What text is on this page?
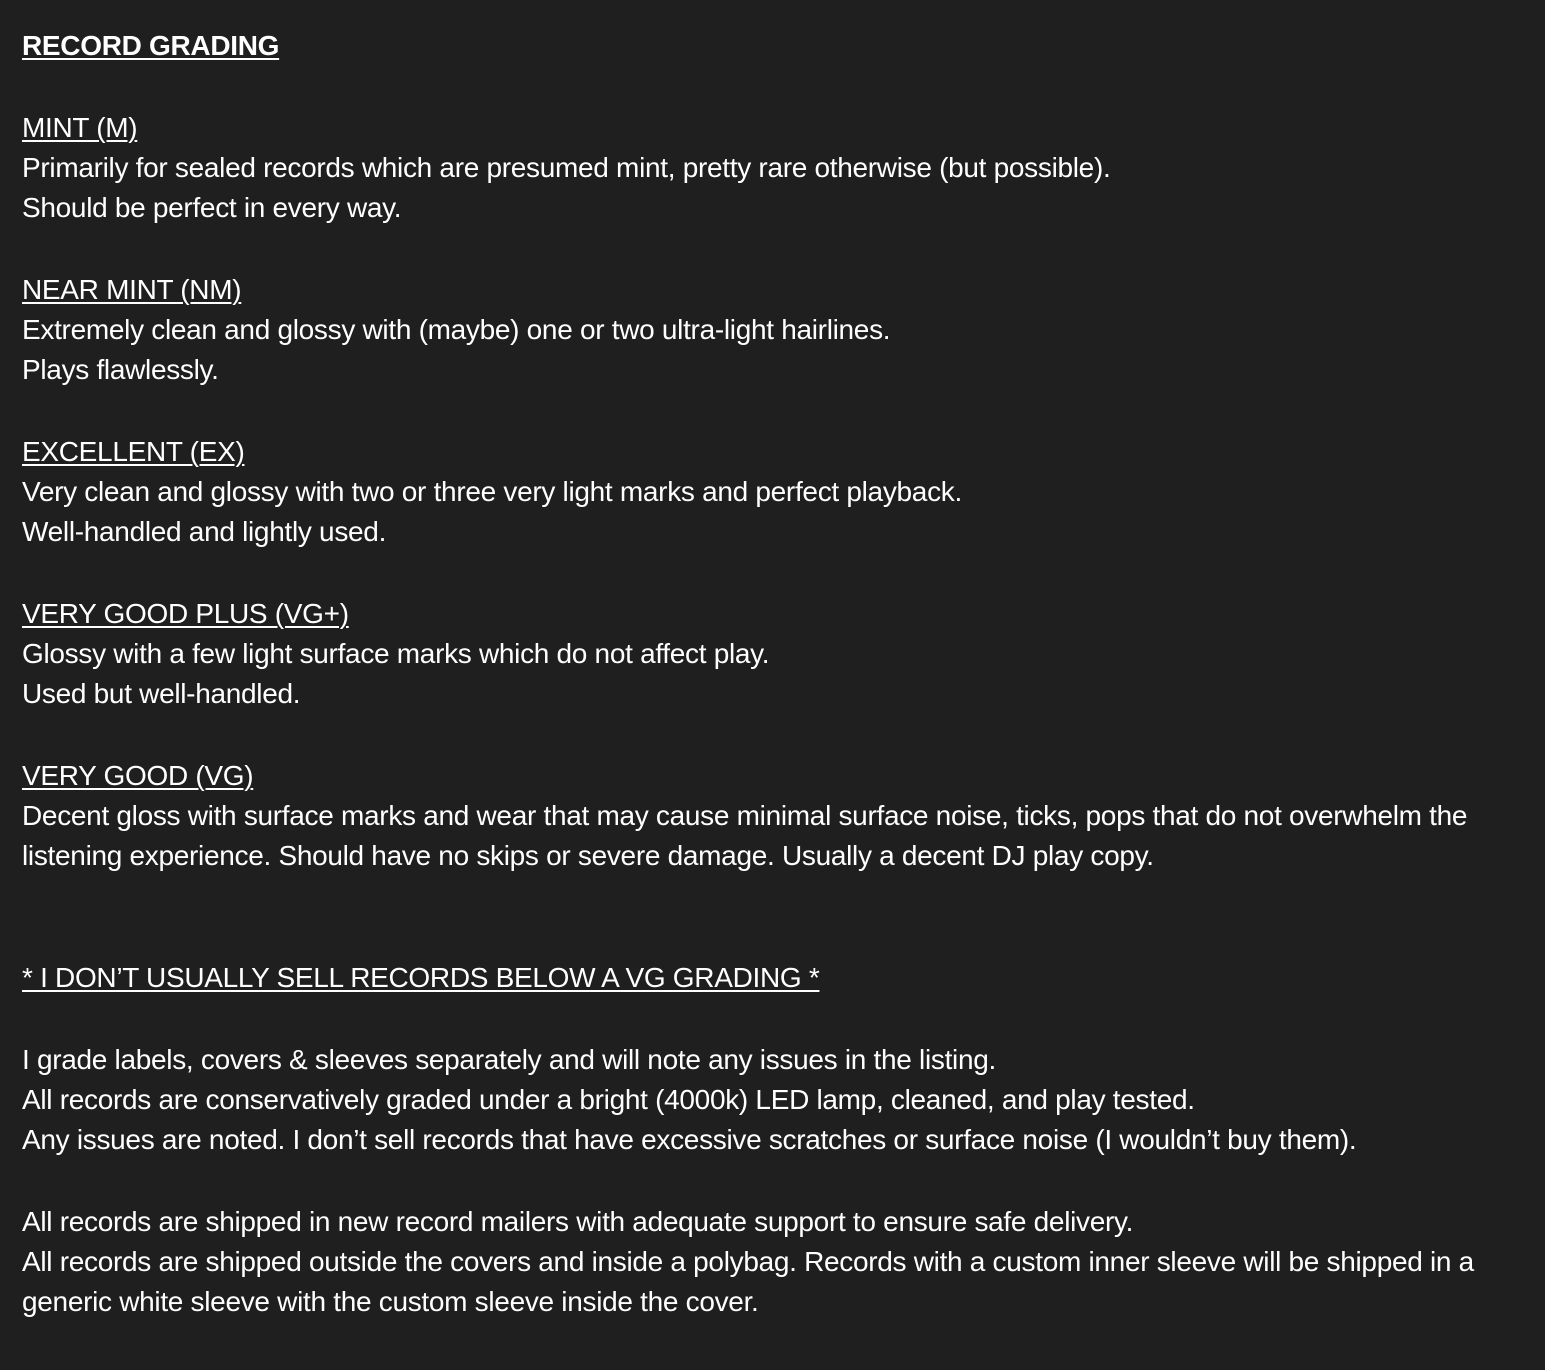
RECORD GRADING
MINT (M)
Primarily for sealed records which are presumed mint, pretty rare otherwise (but possible).
Should be perfect in every way.
NEAR MINT (NM)
Extremely clean and glossy with (maybe) one or two ultra-light hairlines.
Plays flawlessly.
EXCELLENT (EX)
Very clean and glossy with two or three very light marks and perfect playback.
Well-handled and lightly used.
VERY GOOD PLUS (VG+)
Glossy with a few light surface marks which do not affect play.
Used but well-handled.
VERY GOOD (VG)
Decent gloss with surface marks and wear that may cause minimal surface noise, ticks, pops that do not overwhelm the listening experience. Should have no skips or severe damage. Usually a decent DJ play copy.
* I DON’T USUALLY SELL RECORDS BELOW A VG GRADING *
I grade labels, covers & sleeves separately and will note any issues in the listing.
All records are conservatively graded under a bright (4000k) LED lamp, cleaned, and play tested.
Any issues are noted. I don’t sell records that have excessive scratches or surface noise (I wouldn’t buy them).
All records are shipped in new record mailers with adequate support to ensure safe delivery.
All records are shipped outside the covers and inside a polybag. Records with a custom inner sleeve will be shipped in a generic white sleeve with the custom sleeve inside the cover.
